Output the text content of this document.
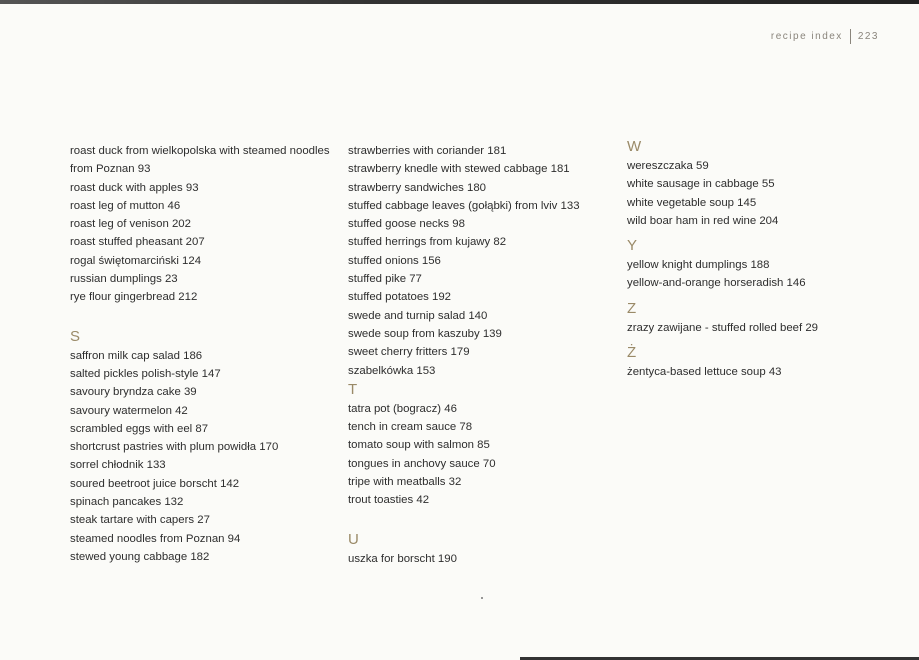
recipe index 223
roast duck from wielkopolska with steamed noodles
from Poznan 93
roast duck with apples 93
roast leg of mutton 46
roast leg of venison 202
roast stuffed pheasant 207
rogal świętomarciński 124
russian dumplings 23
rye flour gingerbread 212
S
saffron milk cap salad 186
salted pickles polish-style 147
savoury bryndza cake 39
savoury watermelon 42
scrambled eggs with eel 87
shortcrust pastries with plum powidła 170
sorrel chłodnik 133
soured beetroot juice borscht 142
spinach pancakes 132
steak tartare with capers 27
steamed noodles from Poznan 94
stewed young cabbage 182
strawberries with coriander 181
strawberry knedle with stewed cabbage 181
strawberry sandwiches 180
stuffed cabbage leaves (gołąbki) from lviv 133
stuffed goose necks 98
stuffed herrings from kujawy 82
stuffed onions 156
stuffed pike 77
stuffed potatoes 192
swede and turnip salad 140
swede soup from kaszuby 139
sweet cherry fritters 179
szabelkówka 153
T
tatra pot (bogracz) 46
tench in cream sauce 78
tomato soup with salmon 85
tongues in anchovy sauce 70
tripe with meatballs 32
trout toasties 42
U
uszka for borscht 190
W
wereszczaka 59
white sausage in cabbage 55
white vegetable soup 145
wild boar ham in red wine 204
Y
yellow knight dumplings 188
yellow-and-orange horseradish 146
Z
zrazy zawijane - stuffed rolled beef 29
Ż
żentyca-based lettuce soup 43
